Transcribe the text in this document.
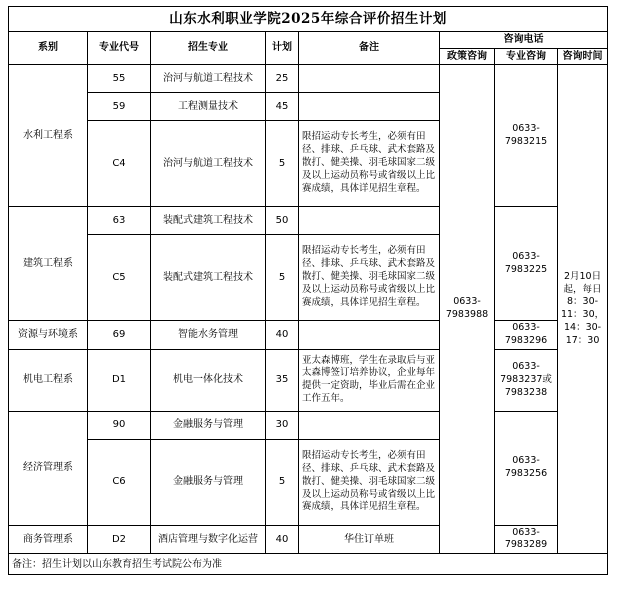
山东水利职业学院2025年综合评价招生计划							
系别	专业代号	招生专业	计划	备注	咨询电话		
					政策咨询	专业咨询	咨询时间
水利工程系	55	治河与航道工程技术	25		0633-7983988	0633-7983215	2月10日起，每日8：30-11：30，14：30-17：30
	59	工程测量技术	45				
	C4	治河与航道工程技术	5	限招运动专长考生，必须有田径、排球、乒乓球、武术套路及散打、健美操、羽毛球国家二级及以上运动员称号或省级以上比赛成绩，具体详见招生章程。			
建筑工程系	63	装配式建筑工程技术	50			0633-7983225	
	C5	装配式建筑工程技术	5	限招运动专长考生，必须有田径、排球、乒乓球、武术套路及散打、健美操、羽毛球国家二级及以上运动员称号或省级以上比赛成绩，具体详见招生章程。			
资源与环境系	69	智能水务管理	40			0633-7983296	
机电工程系	D1	机电一体化技术	35	亚太森博班，学生在录取后与亚太森博签订培养协议，企业每年提供一定资助，毕业后需在企业工作五年。		0633-7983237或7983238	
经济管理系	90	金融服务与管理	30			0633-7983256	
	C6	金融服务与管理	5	限招运动专长考生，必须有田径、排球、乒乓球、武术套路及散打、健美操、羽毛球国家二级及以上运动员称号或省级以上比赛成绩，具体详见招生章程。			
商务管理系	D2	酒店管理与数字化运营	40	华住订单班		0633-7983289	
备注：招生计划以山东教育招生考试院公布为准							
